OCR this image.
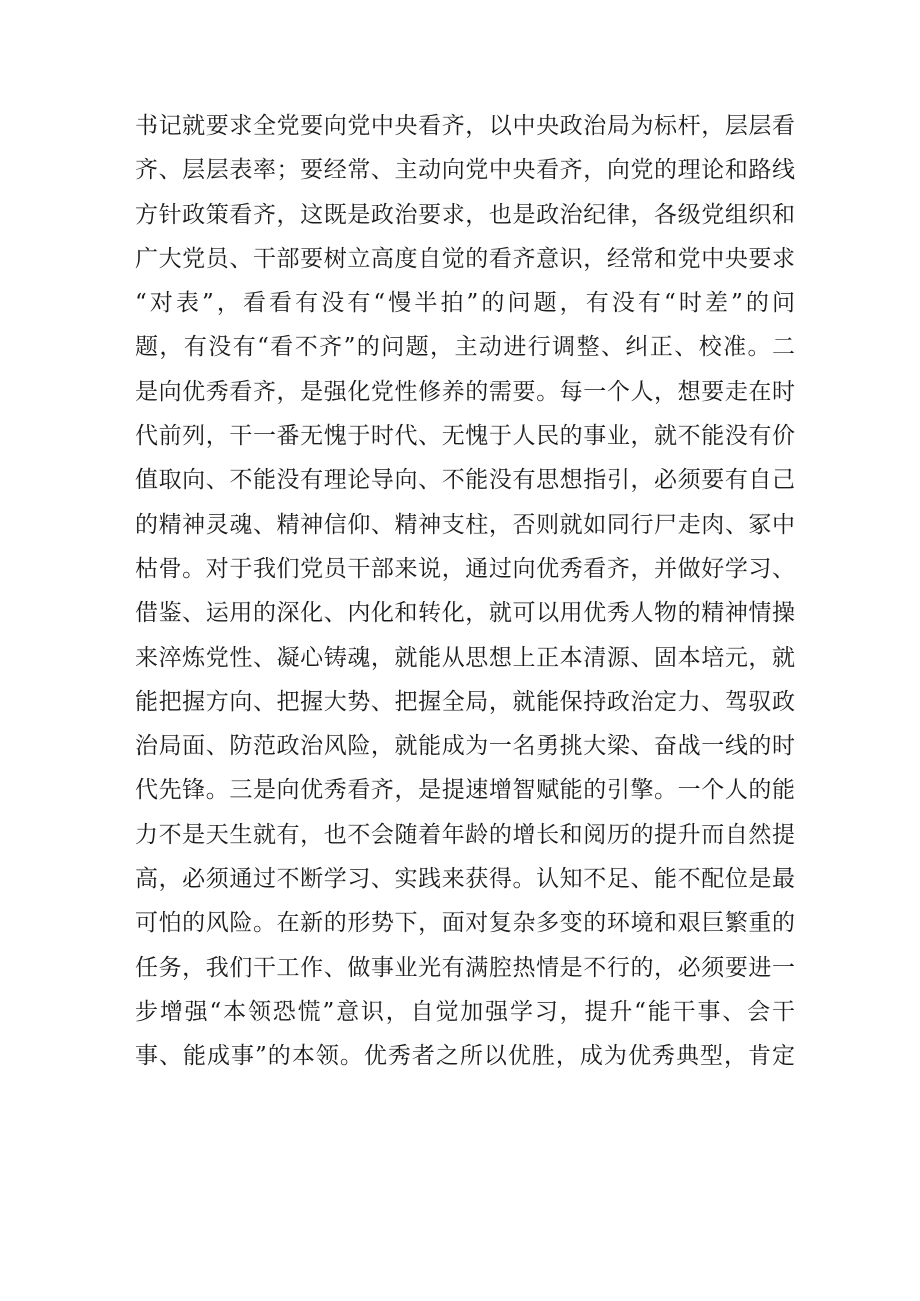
书记就要求全党要向党中央看齐，以中央政治局为标杆，层层看
齐、层层表率；要经常、主动向党中央看齐，向党的理论和路线
方针政策看齐，这既是政治要求，也是政治纪律，各级党组织和
广大党员、干部要树立高度自觉的看齐意识，经常和党中央要求
“对表”，看看有没有“慢半拍”的问题，有没有“时差”的问
题，有没有“看不齐”的问题，主动进行调整、纠正、校准。二
是向优秀看齐，是强化党性修养的需要。每一个人，想要走在时
代前列，干一番无愧于时代、无愧于人民的事业，就不能没有价
值取向、不能没有理论导向、不能没有思想指引，必须要有自己
的精神灵魂、精神信仰、精神支柱，否则就如同行尸走肉、冢中
枯骨。对于我们党员干部来说，通过向优秀看齐，并做好学习、
借鉴、运用的深化、内化和转化，就可以用优秀人物的精神情操
来淬炼党性、凝心铸魂，就能从思想上正本清源、固本培元，就
能把握方向、把握大势、把握全局，就能保持政治定力、驾驭政
治局面、防范政治风险，就能成为一名勇挑大梁、奋战一线的时
代先锋。三是向优秀看齐，是提速增智赋能的引擎。一个人的能
力不是天生就有，也不会随着年龄的增长和阅历的提升而自然提
高，必须通过不断学习、实践来获得。认知不足、能不配位是最
可怕的风险。在新的形势下，面对复杂多变的环境和艰巨繁重的
任务，我们干工作、做事业光有满腔热情是不行的，必须要进一
步增强“本领恐慌”意识，自觉加强学习，提升“能干事、会干
事、能成事”的本领。优秀者之所以优胜，成为优秀典型，肯定
